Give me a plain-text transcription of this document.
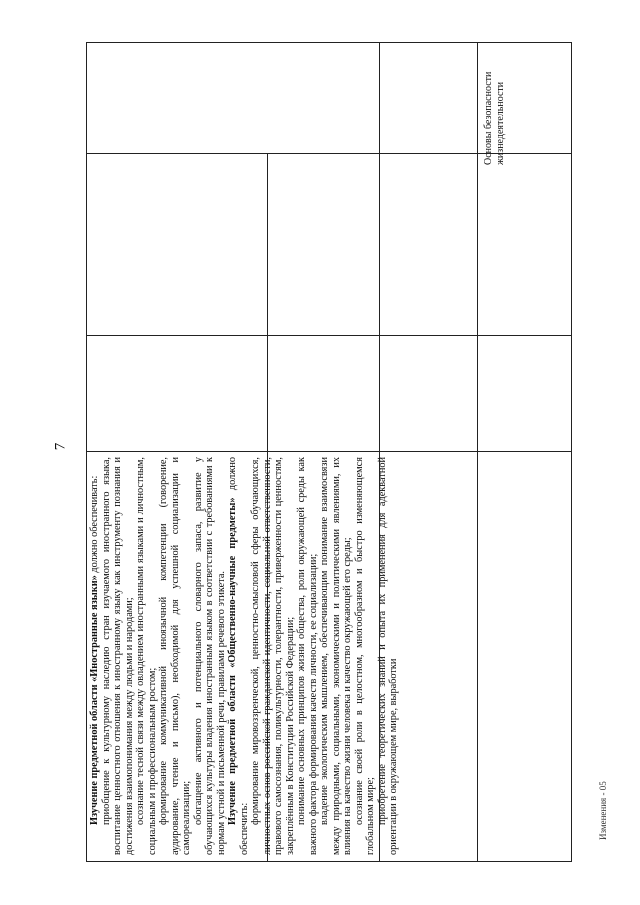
7

Изучение предметной области «Иностранные языки» должно обеспечивать: приобщение к культурному наследию стран изучаемого иностранного языка, воспитание ценностного отношения к иностранному языку как инструменту познания и достижения взаимопонимания между людьми и народами; осознание тесной связи между овладением иностранными языками и личностным, социальным и профессиональным ростом; формирование коммуникативной иноязычной компетенции (говорение, аудирование, чтение и письмо), необходимой для успешной социализации и самореализации; обогащение активного и потенциального словарного запаса, развитие у обучающихся культуры владения иностранным языком в соответствии с требованиями к нормам устной и письменной речи, правилами речевого этикета. Изучение предметной области «Общественно-научные предметы» должно обеспечить:

формирование мировоззренческой, ценностно-смысловой сферы обучающихся, личностных основ российской гражданской идентичности, социальной ответственности, правового самосознания, поликультурности, толерантности, приверженности ценностям, закреплённым в Конституции Российской Федерации; понимание основных принципов жизни общества, роли окружающей среды как важного фактора формирования качеств личности, ее социализации; владение экологическим мышлением, обеспечивающим понимание взаимосвязи между природными, социальными, экономическими и политическими явлениями, их влияния на качество жизни человека и качество окружающей его среды; осознание своей роли в целостном, многообразном и быстро изменяющемся глобальном мире; приобретение теоретических знаний и опыта их применения для адекватной ориентации в окружающем мире, выработки

Основы безопасности жизнедеятельности
Изменения - 05
